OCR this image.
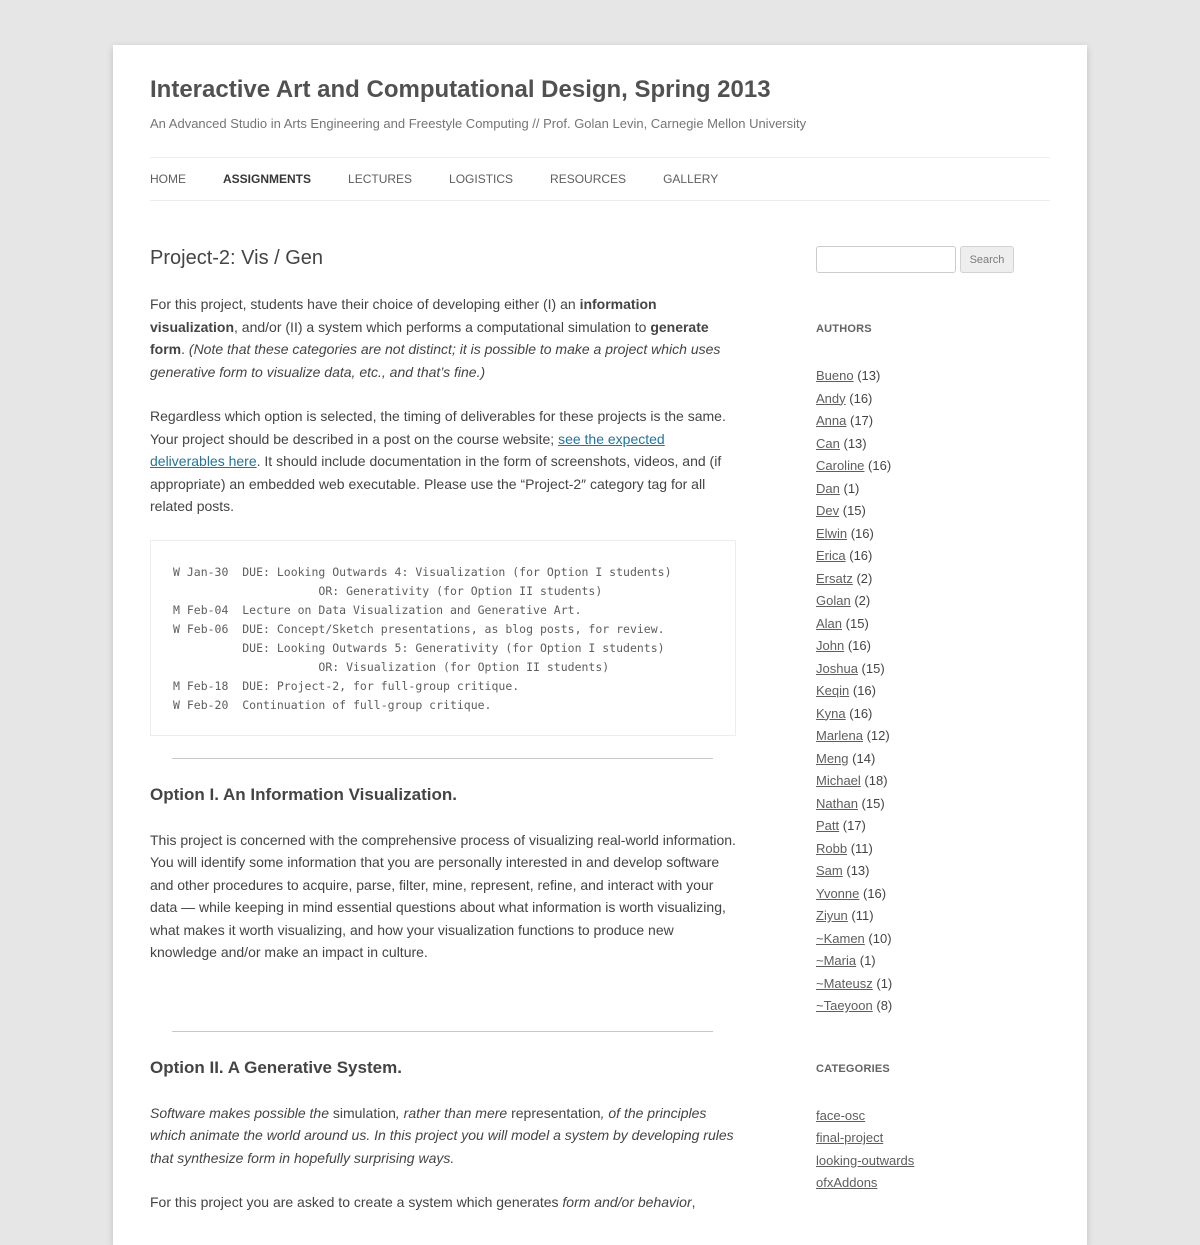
Interactive Art and Computational Design, Spring 2013

An Advanced Studio in Arts Engineering and Freestyle Computing // Prof. Golan Levin, Carnegie Mellon University

HOME	ASSIGNMENTS	LECTURES	LOGISTICS	RESOURCES	GALLERY
Project-2: Vis / Gen

For this project, students have their choice of developing either (I) an information visualization, and/or (II) a system which performs a computational simulation to generate form. (Note that these categories are not distinct; it is possible to make a project which uses generative form to visualize data, etc., and that’s fine.)

Regardless which option is selected, the timing of deliverables for these projects is the same. Your project should be described in a post on the course website; see the expected deliverables here. It should include documentation in the form of screenshots, videos, and (if appropriate) an embedded web executable. Please use the “Project-2″ category tag for all related posts.

W Jan-30  DUE: Looking Outwards 4: Visualization (for Option I students)
OR: Generativity (for Option II students)
M Feb-04  Lecture on Data Visualization and Generative Art.
W Feb-06  DUE: Concept/Sketch presentations, as blog posts, for review.
DUE: Looking Outwards 5: Generativity (for Option I students)
OR: Visualization (for Option II students)
M Feb-18  DUE: Project-2, for full-group critique.
W Feb-20  Continuation of full-group critique.
Option I. An Information Visualization.

This project is concerned with the comprehensive process of visualizing real-world information. You will identify some information that you are personally interested in and develop software and other procedures to acquire, parse, filter, mine, represent, refine, and interact with your data — while keeping in mind essential questions about what information is worth visualizing, what makes it worth visualizing, and how your visualization functions to produce new knowledge and/or make an impact in culture.

Option II. A Generative System.

Software makes possible the simulation, rather than mere representation, of the principles which animate the world around us. In this project you will model a system by developing rules that synthesize form in hopefully surprising ways.

For this project you are asked to create a system which generates form and/or behavior,

Search
AUTHORS
Bueno (13)
Andy (16)
Anna (17)
Can (13)
Caroline (16)
Dan (1)
Dev (15)
Elwin (16)
Erica (16)
Ersatz (2)
Golan (2)
Alan (15)
John (16)
Joshua (15)
Keqin (16)
Kyna (16)
Marlena (12)
Meng (14)
Michael (18)
Nathan (15)
Patt (17)
Robb (11)
Sam (13)
Yvonne (16)
Ziyun (11)
~Kamen (10)
~Maria (1)
~Mateusz (1)
~Taeyoon (8)
CATEGORIES
face-osc
final-project
looking-outwards
ofxAddons
